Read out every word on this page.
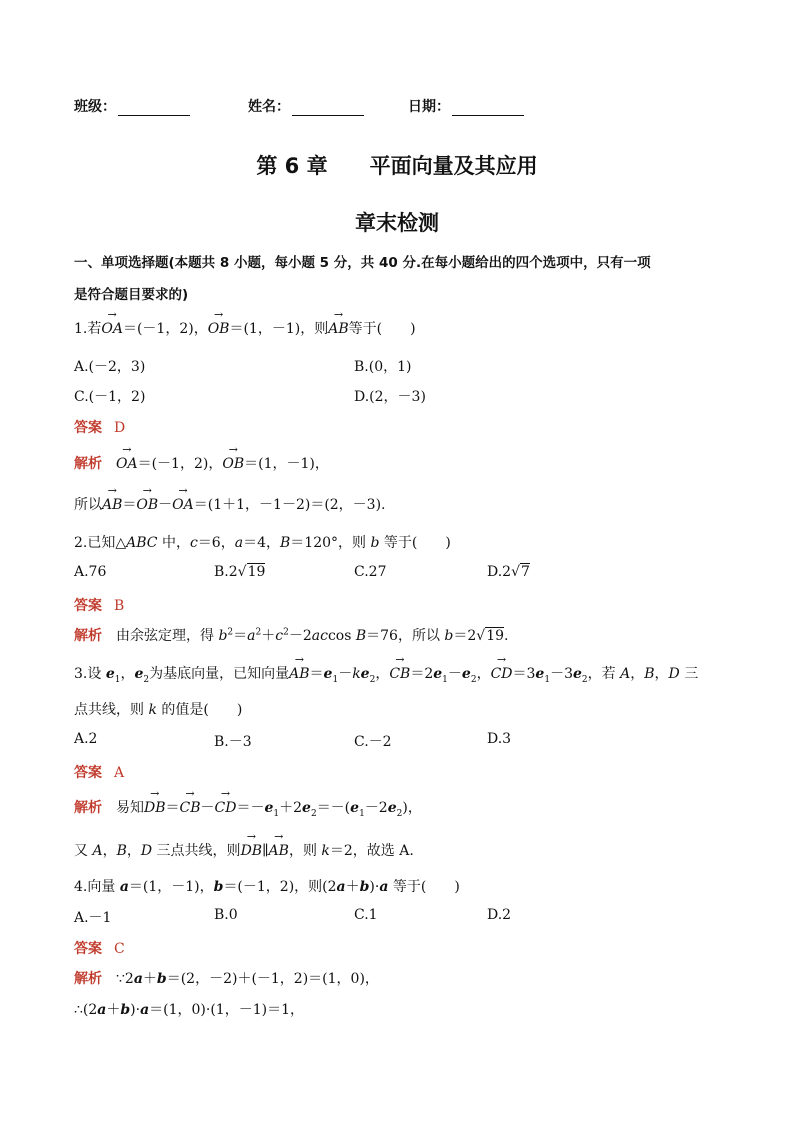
班级：	姓名：	日期：
第 6 章　　平面向量及其应用
章末检测
一、单项选择题(本题共 8 小题，每小题 5 分，共 40 分.在每小题给出的四个选项中，只有一项
是符合题目要求的)
1.若→ OA＝(－1，2)，→ OB＝(1，－1)，则→ AB等于(　　)
A.(－2，3)	B.(0，1)
C.(－1，2)	D.(2，－3)
答案 D
解析→ OA＝(－1，2)，→ OB＝(1，－1)，
所以→ AB＝→ OB－→ OA＝(1＋1，－1－2)＝(2，－3).
2.已知△ABC 中，c＝6，a＝4，B＝120°，则 b 等于(　　)
A.76	B.2√19	C.27	D.2√7
答案 B
解析 由余弦定理，得 $b^2=a^2+c^2-2accos$ B＝76，所以 b＝2√19.
3.设 $e_1$，$e_2$为基底向量，已知向量→ $AB=e_1-ke_2$，→ $CB=2e_1-e_2$，→ $CD=3e_1-3e_2$，若 A，B，D 三
点共线，则 k 的值是(　　)
A.2	B.－3	C.－2	D.3
答案 A
解析 易知→ $DB=\to CB-\to CD=-e_1+2e_2=-(e_1-2e_2)$，
又 A，B，D 三点共线，则→ DB∥→ AB，则 k＝2，故选 A.
4.向量 a＝(1，－1)，b＝(－1，2)，则(2a＋b)·a 等于(　　)
A.－1	B.0	C.1	D.2
答案 C
解析 ∵2a＋b＝(2，－2)＋(－1，2)＝(1，0)，
∴(2a＋b)·a＝(1，0)·(1，－1)＝1，
